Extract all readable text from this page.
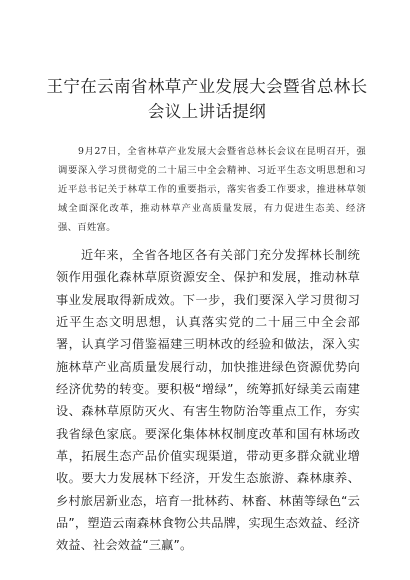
王宁在云南省林草产业发展大会暨省总林长会议上讲话提纲

9月27日，全省林草产业发展大会暨省总林长会议在昆明召开，强调要深入学习贯彻党的二十届三中全会精神、习近平生态文明思想和习近平总书记关于林草工作的重要指示，落实省委工作要求，推进林草领域全面深化改革，推动林草产业高质量发展，有力促进生态美、经济强、百姓富。

近年来，全省各地区各有关部门充分发挥林长制统领作用强化森林草原资源安全、保护和发展，推动林草事业发展取得新成效。下一步，我们要深入学习贯彻习近平生态文明思想，认真落实党的二十届三中全会部署，认真学习借鉴福建三明林改的经验和做法，深入实施林草产业高质量发展行动，加快推进绿色资源优势向经济优势的转变。要积极“增绿”，统筹抓好绿美云南建设、森林草原防灭火、有害生物防治等重点工作，夯实我省绿色家底。要深化集体林权制度改革和国有林场改革，拓展生态产品价值实现渠道，带动更多群众就业增收。要大力发展林下经济，开发生态旅游、森林康养、乡村旅居新业态，培育一批林药、林畜、林菌等绿色“云品”，塑造云南森林食物公共品牌，实现生态效益、经济效益、社会效益“三赢”。
